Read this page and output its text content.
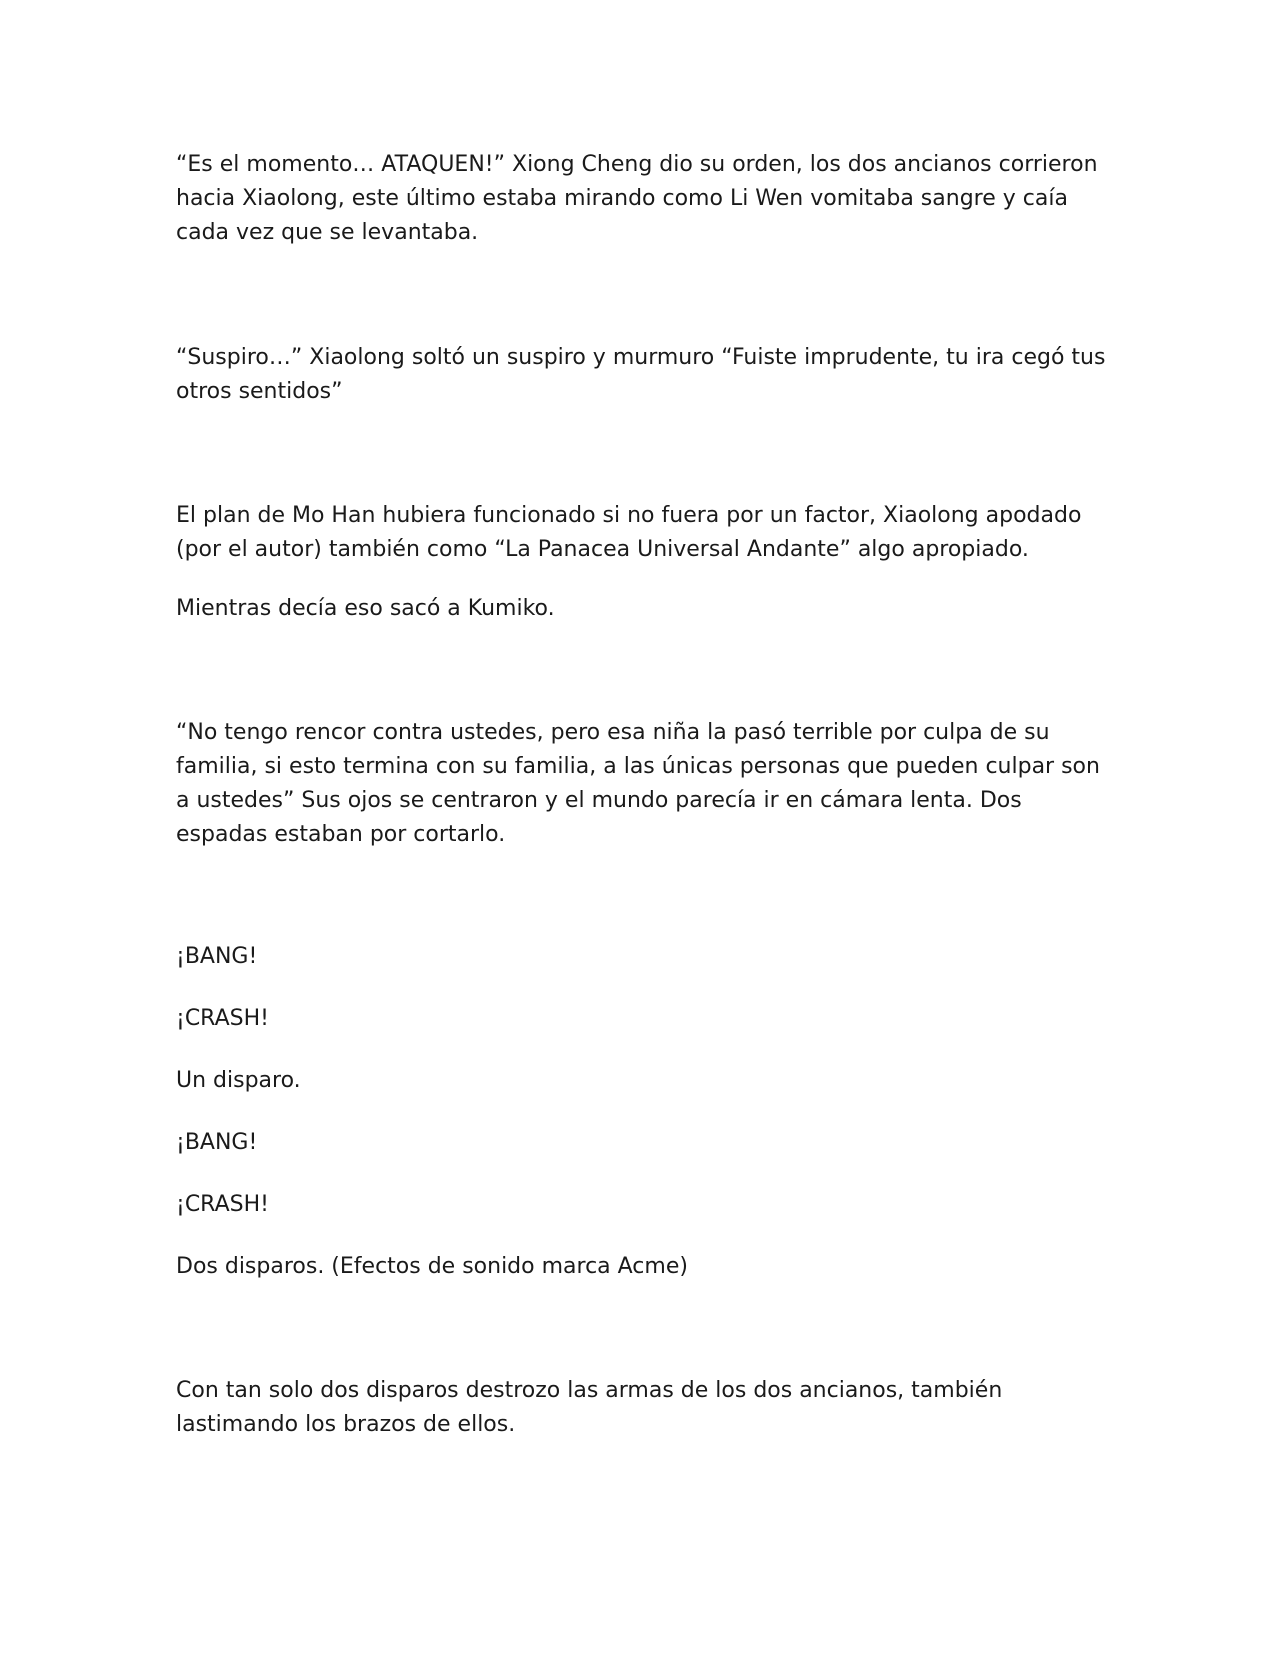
“Es el momento… ATAQUEN!” Xiong Cheng dio su orden, los dos ancianos corrieron hacia Xiaolong, este último estaba mirando como Li Wen vomitaba sangre y caía cada vez que se levantaba.

“Suspiro…” Xiaolong soltó un suspiro y murmuro “Fuiste imprudente, tu ira cegó tus otros sentidos”

El plan de Mo Han hubiera funcionado si no fuera por un factor, Xiaolong apodado (por el autor) también como “La Panacea Universal Andante” algo apropiado.

Mientras decía eso sacó a Kumiko.

“No tengo rencor contra ustedes, pero esa niña la pasó terrible por culpa de su familia, si esto termina con su familia, a las únicas personas que pueden culpar son a ustedes” Sus ojos se centraron y el mundo parecía ir en cámara lenta. Dos espadas estaban por cortarlo.

¡BANG!

¡CRASH!

Un disparo.

¡BANG!

¡CRASH!

Dos disparos. (Efectos de sonido marca Acme)

Con tan solo dos disparos destrozo las armas de los dos ancianos, también lastimando los brazos de ellos.
